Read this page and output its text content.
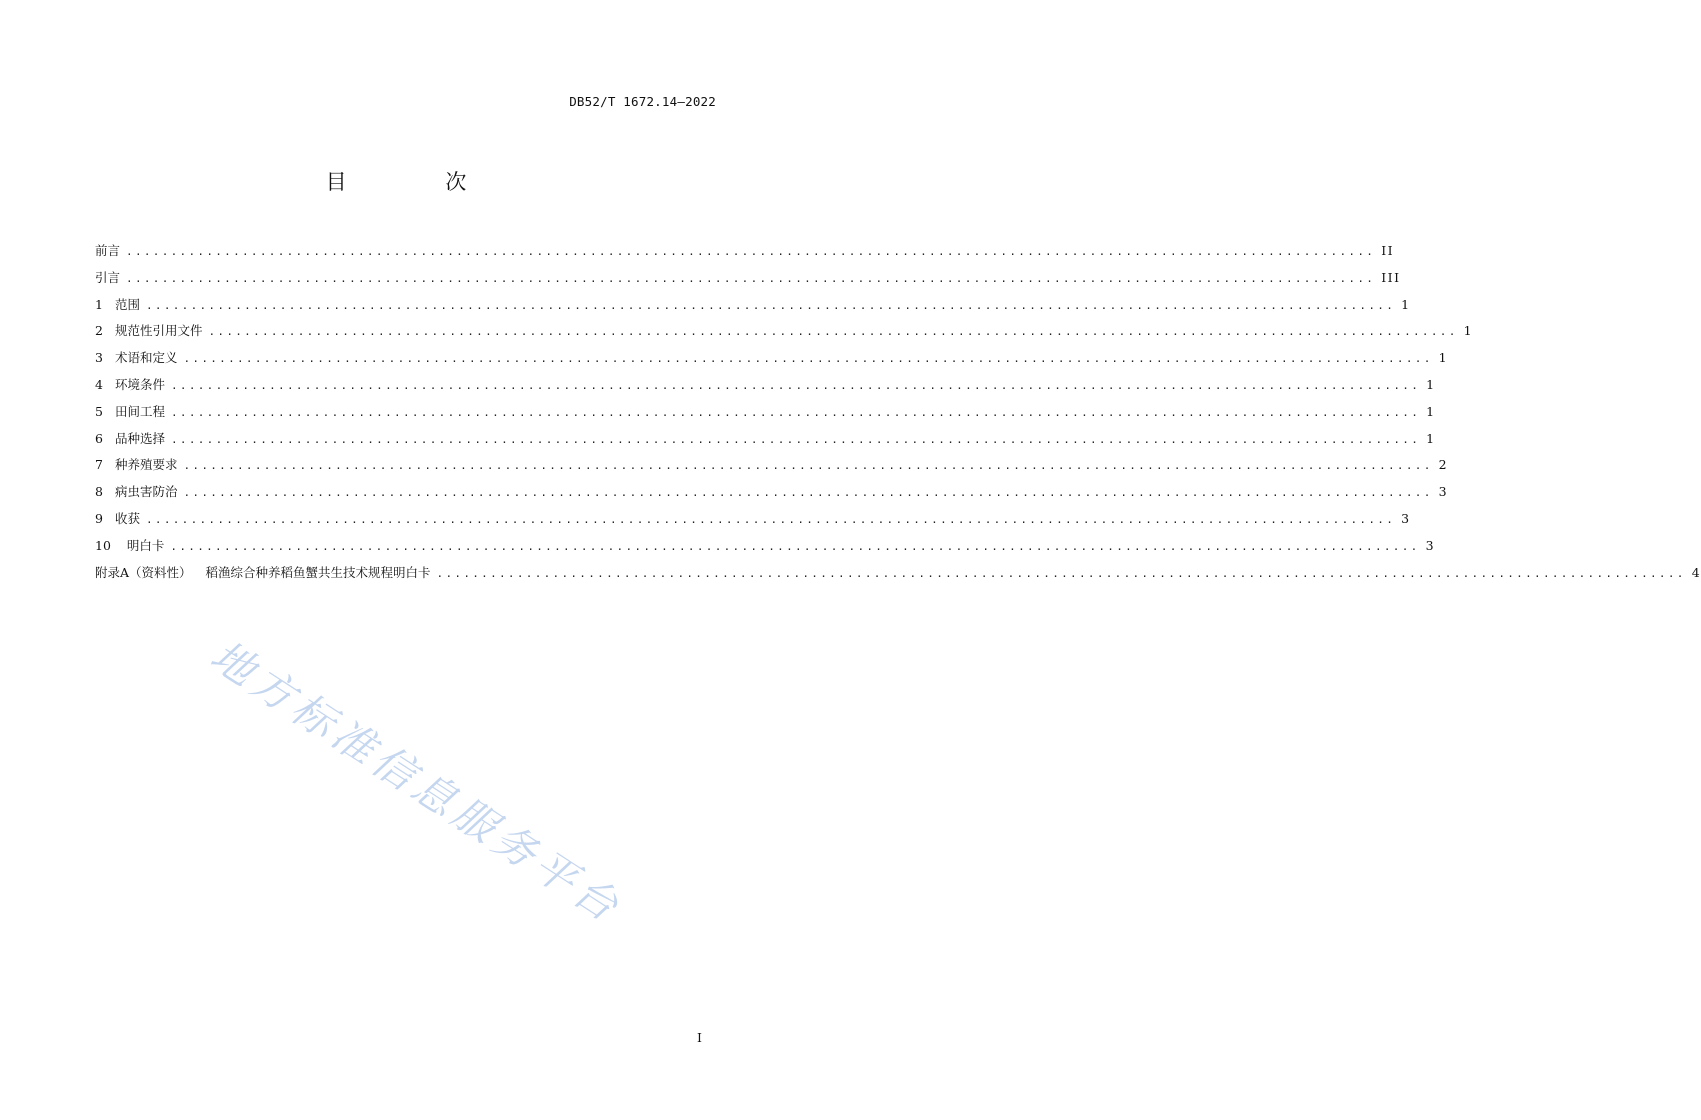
DB52/T 1672.14—2022
目 次
前言 ............................................................................................................................................ II
引言 ............................................................................................................................................ III
1 范围 ............................................................................................................................................ 1
2 规范性引用文件 ............................................................................................................................................ 1
3 术语和定义 ............................................................................................................................................ 1
4 环境条件 ............................................................................................................................................ 1
5 田间工程 ............................................................................................................................................ 1
6 品种选择 ............................................................................................................................................ 1
7 种养殖要求 ............................................................................................................................................ 2
8 病虫害防治 ............................................................................................................................................ 3
9 收获 ............................................................................................................................................ 3
10 明白卡 ............................................................................................................................................ 3
附录A（资料性） 稻渔综合种养稻鱼蟹共生技术规程明白卡 ............................................................................................................................................ 4
地方标准信息服务平台
I
